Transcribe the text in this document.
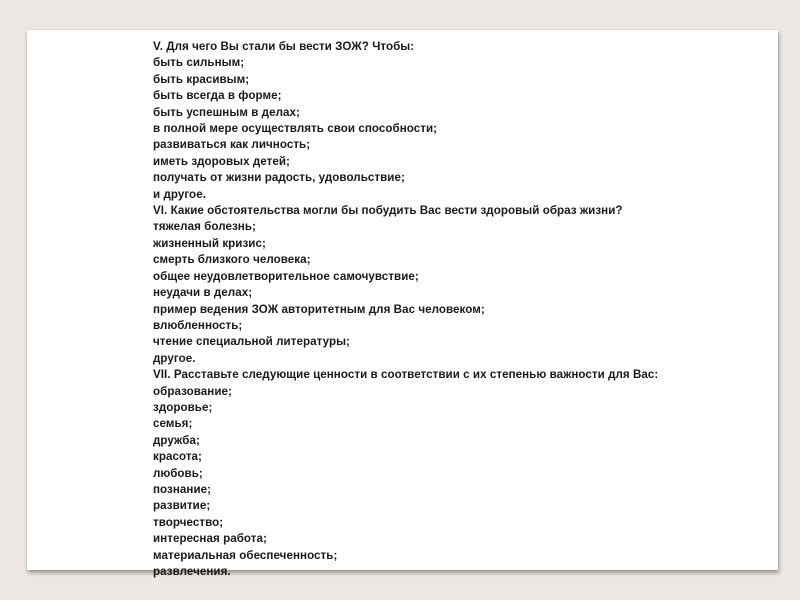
V. Для чего Вы стали бы вести ЗОЖ? Чтобы:
быть сильным;
быть красивым;
быть всегда в форме;
быть успешным в делах;
в полной мере осуществлять свои способности;
развиваться как личность;
иметь здоровых детей;
получать от жизни радость, удовольствие;
и другое.
VI. Какие обстоятельства могли бы побудить Вас вести здоровый образ жизни?
тяжелая болезнь;
жизненный кризис;
смерть близкого человека;
общее неудовлетворительное самочувствие;
неудачи в делах;
пример ведения ЗОЖ авторитетным для Вас человеком;
влюбленность;
чтение специальной литературы;
другое.
VII. Расставьте следующие ценности в соответствии с их степенью важности для Вас:
образование;
здоровье;
семья;
дружба;
красота;
любовь;
познание;
развитие;
творчество;
интересная работа;
материальная обеспеченность;
развлечения.
